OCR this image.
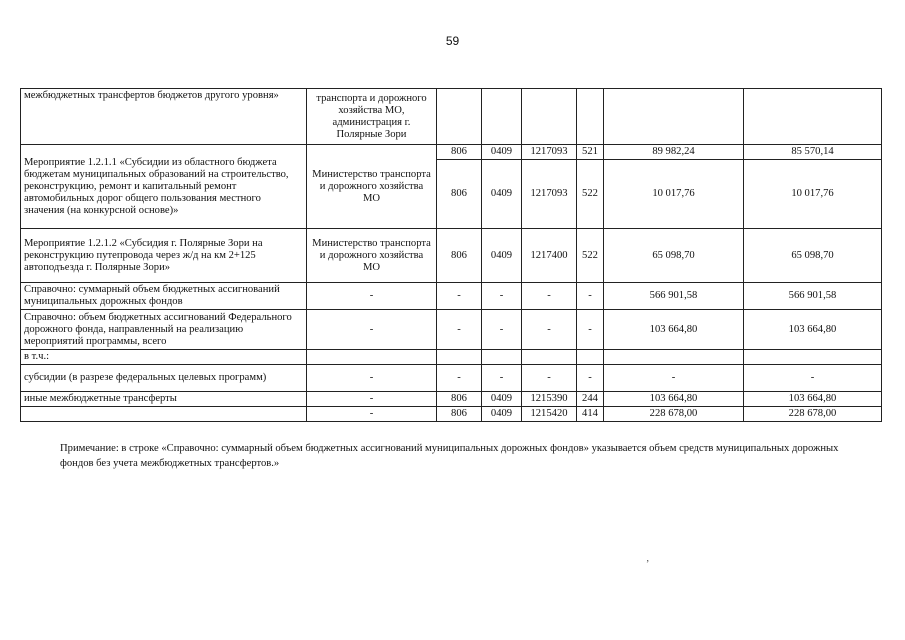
59
межбюджетных трансфертов бюджетов другого уровня»	транспорта и дорожного хозяйства МО, администрация г. Полярные Зори						
Мероприятие 1.2.1.1 «Субсидии из областного бюджета бюджетам муниципальных образований на строительство, реконструкцию, ремонт и капитальный ремонт автомобильных дорог общего пользования местного значения (на конкурсной основе)»	Министерство транспорта и дорожного хозяйства МО	806	0409	1217093	521	89 982,24	85 570,14
		806	0409	1217093	522	10 017,76	10 017,76
Мероприятие 1.2.1.2 «Субсидия г. Полярные Зори на реконструкцию путепровода через ж/д на км 2+125 автоподъезда г. Полярные Зори»	Министерство транспорта и дорожного хозяйства МО	806	0409	1217400	522	65 098,70	65 098,70
Справочно: суммарный объем бюджетных ассигнований муниципальных дорожных фондов	-	-	-	-	-	566 901,58	566 901,58
Справочно: объем бюджетных ассигнований Федерального дорожного фонда, направленный на реализацию мероприятий программы, всего	-	-	-	-	-	103 664,80	103 664,80
в т.ч.:							
субсидии (в разрезе федеральных целевых программ)	-	-	-	-	-	-	-
иные межбюджетные трансферты	-	806	0409	1215390	244	103 664,80	103 664,80
	-	806	0409	1215420	414	228 678,00	228 678,00
Примечание: в строке «Справочно: суммарный объем бюджетных ассигнований муниципальных дорожных фондов» указывается объем средств муниципальных дорожных фондов без учета межбюджетных трансфертов.»
‚
